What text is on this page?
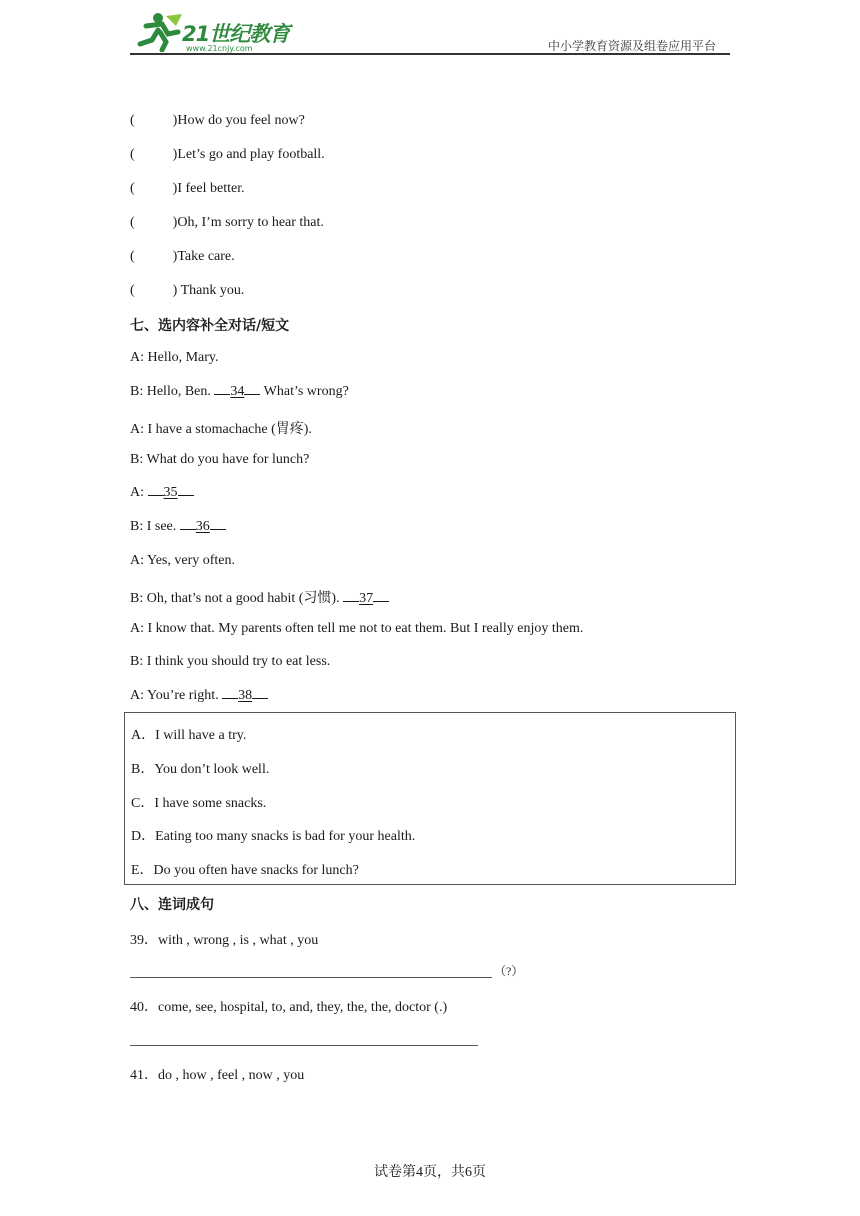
21世纪教育
www.21cnjy.com	中小学教育资源及组卷应用平台
(	)How do you feel now?
(	)Let’s go and play football.
(	)I feel better.
(	)Oh, I’m sorry to hear that.
(	)Take care.
(	) Thank you.
七、选内容补全对话/短文
A: Hello, Mary.
B: Hello, Ben. 34 What’s wrong?
A: I have a stomachache (胃疼).
B: What do you have for lunch?
A: 35
B: I see. 36
A: Yes, very often.
B: Oh, that’s not a good habit (习惯). 37
A: I know that. My parents often tell me not to eat them. But I really enjoy them.
B: I think you should try to eat less.
A: You’re right. 38
A．I will have a try.
B．You don’t look well.
C．I have some snacks.
D．Eating too many snacks is bad for your health.
E．Do you often have snacks for lunch?
八、连词成句
39．with , wrong , is , what , you
（?）
40．come, see, hospital, to, and, they, the, the, doctor (.)
41．do , how , feel , now , you
试卷第4页，共6页
